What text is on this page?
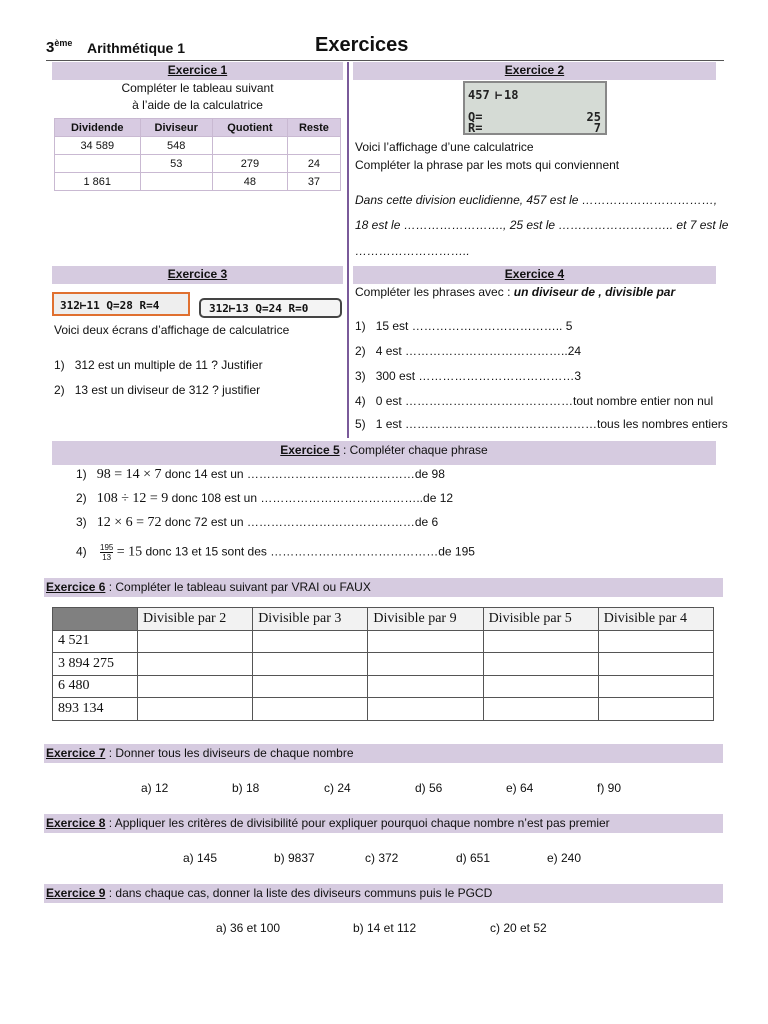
3ème Arithmétique 1	Exercices
Exercice 1
Compléter le tableau suivant
à l’aide de la calculatrice
Dividende	Diviseur	Quotient	Reste
34 589	548		
	53	279	24
1 861		48	37
Exercice 2
457 ⊢ 18
Q=	25
R=	7
Voici l’affichage d’une calculatrice
Compléter la phrase par les mots qui conviennent
Dans cette division euclidienne, 457 est le ……………………………,
18 est le ……………………., 25 est le ……………………….. et 7 est le
………………………..
Exercice 3
312⊢11 Q=28 R=4	312⊢13 Q=24 R=0
Voici deux écrans d’affichage de calculatrice
1) 312 est un multiple de 11 ? Justifier
2) 13 est un diviseur de 312 ? justifier
Exercice 4
Compléter les phrases avec : un diviseur de , divisible par
1) 15 est ……………………………….. 5
2) 4 est …………………………………..24
3) 300 est …………………………………3
4) 0 est ……………………………………tout nombre entier non nul
5) 1 est …………………………………………tous les nombres entiers
Exercice 5 : Compléter chaque phrase
1) 98 = 14 × 7 donc 14 est un ……………………………………de 98
2) 108 ÷ 12 = 9 donc 108 est un …………………………………..de 12
3) 12 × 6 = 72 donc 72 est un ……………………………………de 6
$4) \frac{195}{13} = 15$ donc 13 et 15 sont des ……………………………………de 195
Exercice 6 : Compléter le tableau suivant par VRAI ou FAUX
	Divisible par 2	Divisible par 3	Divisible par 9	Divisible par 5	Divisible par 4
4 521					
3 894 275					
6 480					
893 134					
Exercice 7 : Donner tous les diviseurs de chaque nombre
a) 12	b) 18	c) 24	d) 56	e) 64	f) 90
Exercice 8 : Appliquer les critères de divisibilité pour expliquer pourquoi chaque nombre n’est pas premier
a) 145	b) 9837	c) 372	d) 651	e) 240
Exercice 9 : dans chaque cas, donner la liste des diviseurs communs puis le PGCD
a) 36 et 100	b) 14 et 112	c) 20 et 52
